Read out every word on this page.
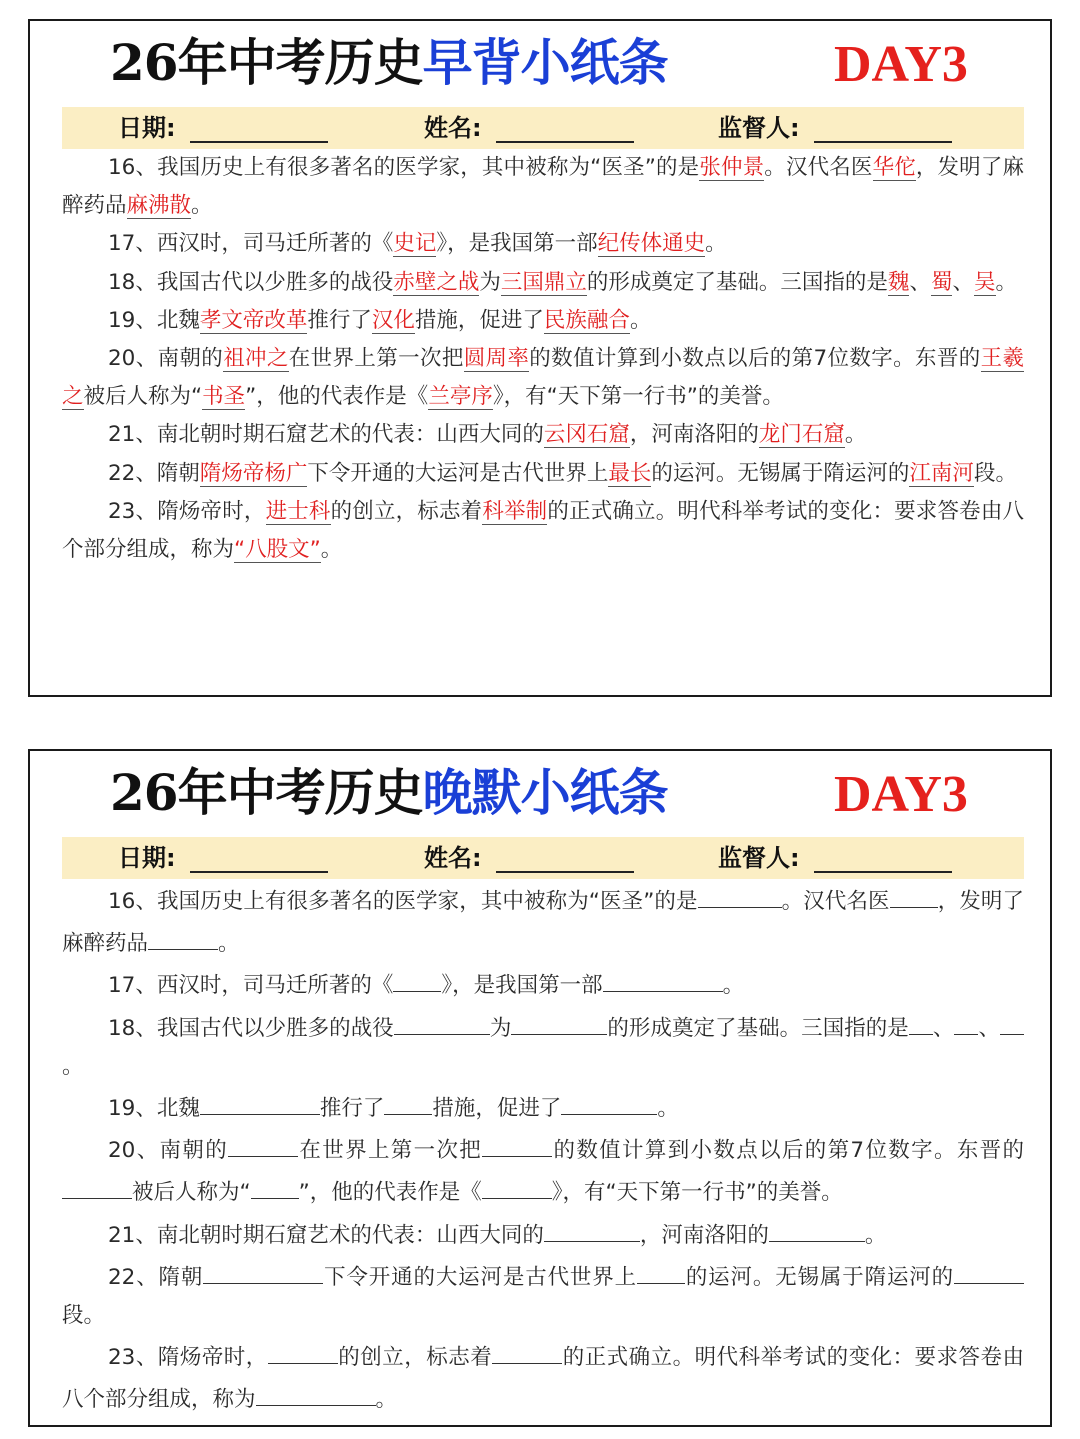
26年中考历史早背小纸条	DAY3
日期:	姓名:	监督人:

16、我国历史上有很多著名的医学家，其中被称为“医圣”的是张仲景。汉代名医华佗，发明了麻醉药品麻沸散。

17、西汉时，司马迁所著的《史记》，是我国第一部纪传体通史。

18、我国古代以少胜多的战役赤壁之战为三国鼎立的形成奠定了基础。三国指的是魏、蜀、吴。

19、北魏孝文帝改革推行了汉化措施，促进了民族融合。

20、南朝的祖冲之在世界上第一次把圆周率的数值计算到小数点以后的第7位数字。东晋的王羲之被后人称为“书圣”，他的代表作是《兰亭序》，有“天下第一行书”的美誉。

21、南北朝时期石窟艺术的代表：山西大同的云冈石窟，河南洛阳的龙门石窟。

22、隋朝隋炀帝杨广下令开通的大运河是古代世界上最长的运河。无锡属于隋运河的江南河段。

23、隋炀帝时，进士科的创立，标志着科举制的正式确立。明代科举考试的变化：要求答卷由八个部分组成，称为“八股文”。

26年中考历史晚默小纸条	DAY3
日期:	姓名:	监督人:

16、我国历史上有很多著名的医学家，其中被称为“医圣”的是	。汉代名医 ，发明了麻醉药品	。

17、西汉时，司马迁所著的《 》，是我国第一部	。

18、我国古代以少胜多的战役	为	的形成奠定了基础。三国指的是 、 、。

19、北魏	推行了 措施，促进了	。

20、南朝的	在世界上第一次把	的数值计算到小数点以后的第7位数字。东晋的被后人称为“ ”，他的代表作是《	》，有“天下第一行书”的美誉。

21、南北朝时期石窟艺术的代表：山西大同的	，河南洛阳的	。

22、隋朝	下令开通的大运河是古代世界上 的运河。无锡属于隋运河的段。

23、隋炀帝时，	的创立，标志着	的正式确立。明代科举考试的变化：要求答卷由八个部分组成，称为	。
